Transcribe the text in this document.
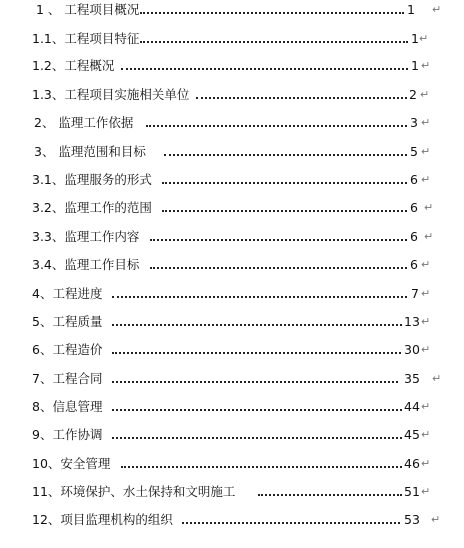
1 、 工程项目概况	1 ↵
1.1、工程项目特征	1 ↵
1.2、工程概况	1 ↵
1.3、工程项目实施相关单位	2 ↵
2、 监理工作依据	3 ↵
3、 监理范围和目标	5 ↵
3.1、监理服务的形式	6 ↵
3.2、监理工作的范围	6 ↵
3.3、监理工作内容	6 ↵
3.4、监理工作目标	6 ↵
4、工程进度	7 ↵
5、工程质量	13 ↵
6、工程造价	30 ↵
7、工程合同	35 ↵
8、信息管理	44 ↵
9、工作协调	45 ↵
10、安全管理	46 ↵
11、环境保护、水土保持和文明施工	51 ↵
12、项目监理机构的组织	53 ↵
